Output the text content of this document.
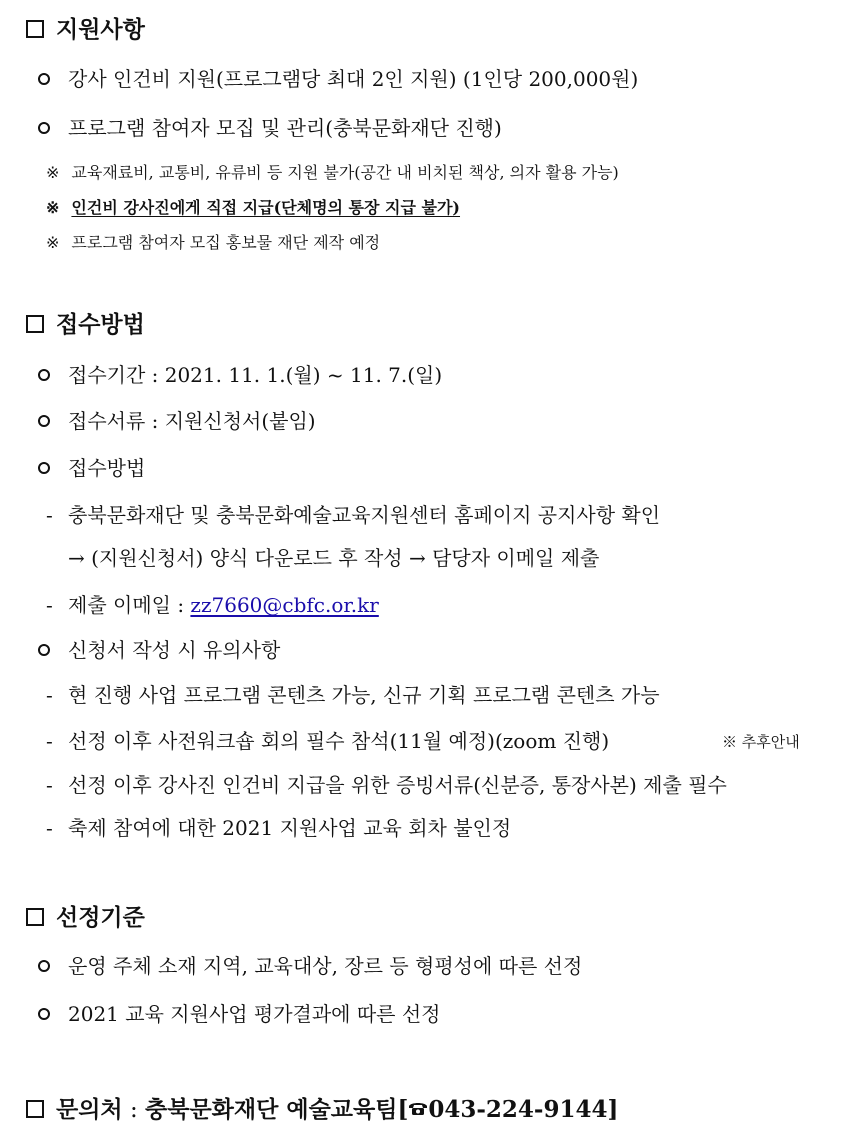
지원사항
강사 인건비 지원(프로그램당 최대 2인 지원) (1인당 200,000원)
프로그램 참여자 모집 및 관리(충북문화재단 진행)
※ 교육재료비, 교통비, 유류비 등 지원 불가(공간 내 비치된 책상, 의자 활용 가능)
※ 인건비 강사진에게 직접 지급(단체명의 통장 지급 불가)
※ 프로그램 참여자 모집 홍보물 재단 제작 예정
접수방법
접수기간 : 2021. 11. 1.(월) ~ 11. 7.(일)
접수서류 : 지원신청서(붙임)
접수방법
- 충북문화재단 및 충북문화예술교육지원센터 홈페이지 공지사항 확인
→ (지원신청서) 양식 다운로드 후 작성 → 담당자 이메일 제출
- 제출 이메일 : zz7660@cbfc.or.kr
신청서 작성 시 유의사항
- 현 진행 사업 프로그램 콘텐츠 가능, 신규 기획 프로그램 콘텐츠 가능
- 선정 이후 사전워크숍 회의 필수 참석(11월 예정)(zoom 진행)	※ 추후안내
- 선정 이후 강사진 인건비 지급을 위한 증빙서류(신분증, 통장사본) 제출 필수
- 축제 참여에 대한 2021 지원사업 교육 회차 불인정
선정기준
운영 주체 소재 지역, 교육대상, 장르 등 형평성에 따른 선정
2021 교육 지원사업 평가결과에 따른 선정
문의처 : 충북문화재단 예술교육팀[ 043-224-9144]
